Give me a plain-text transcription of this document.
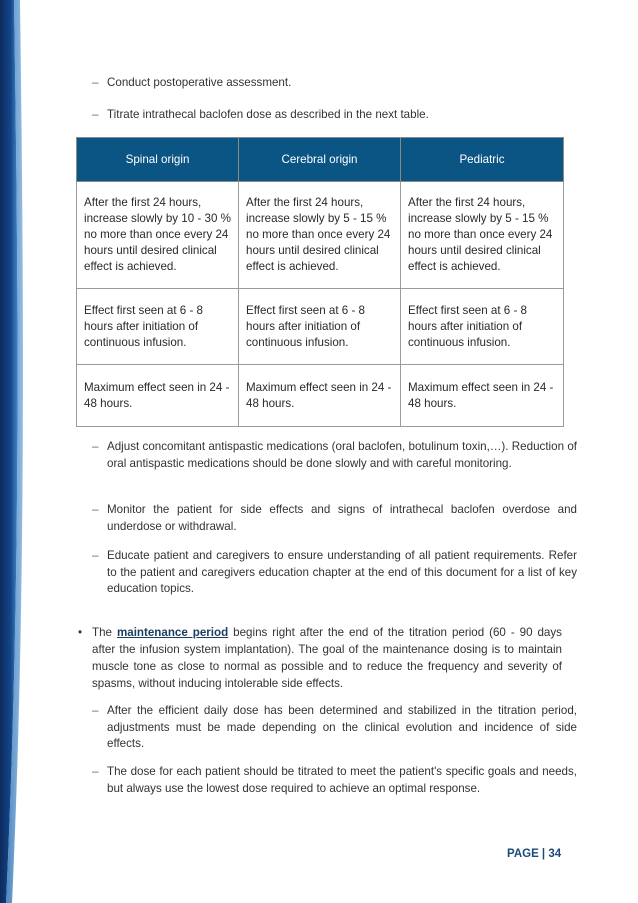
– Conduct postoperative assessment.
– Titrate intrathecal baclofen dose as described in the next table.
Spinal origin	Cerebral origin	Pediatric
After the first 24 hours, increase slowly by 10 - 30 % no more than once every 24 hours until desired clinical effect is achieved.	After the first 24 hours, increase slowly by 5 - 15 % no more than once every 24 hours until desired clinical effect is achieved.	After the first 24 hours, increase slowly by 5 - 15 % no more than once every 24 hours until desired clinical effect is achieved.
Effect first seen at 6 - 8 hours after initiation of continuous infusion.	Effect first seen at 6 - 8 hours after initiation of continuous infusion.	Effect first seen at 6 - 8 hours after initiation of continuous infusion.
Maximum effect seen in 24 - 48 hours.	Maximum effect seen in 24 - 48 hours.	Maximum effect seen in 24 - 48 hours.
– Adjust concomitant antispastic medications (oral baclofen, botulinum toxin,…). Reduction of oral antispastic medications should be done slowly and with careful monitoring.
– Monitor the patient for side effects and signs of intrathecal baclofen overdose and underdose or withdrawal.
– Educate patient and caregivers to ensure understanding of all patient requirements. Refer to the patient and caregivers education chapter at the end of this document for a list of key education topics.
• The maintenance period begins right after the end of the titration period (60 - 90 days after the infusion system implantation). The goal of the maintenance dosing is to maintain muscle tone as close to normal as possible and to reduce the frequency and severity of spasms, without inducing intolerable side effects.
– After the efficient daily dose has been determined and stabilized in the titration period, adjustments must be made depending on the clinical evolution and incidence of side effects.
– The dose for each patient should be titrated to meet the patient's specific goals and needs, but always use the lowest dose required to achieve an optimal response.
PAGE | 34
